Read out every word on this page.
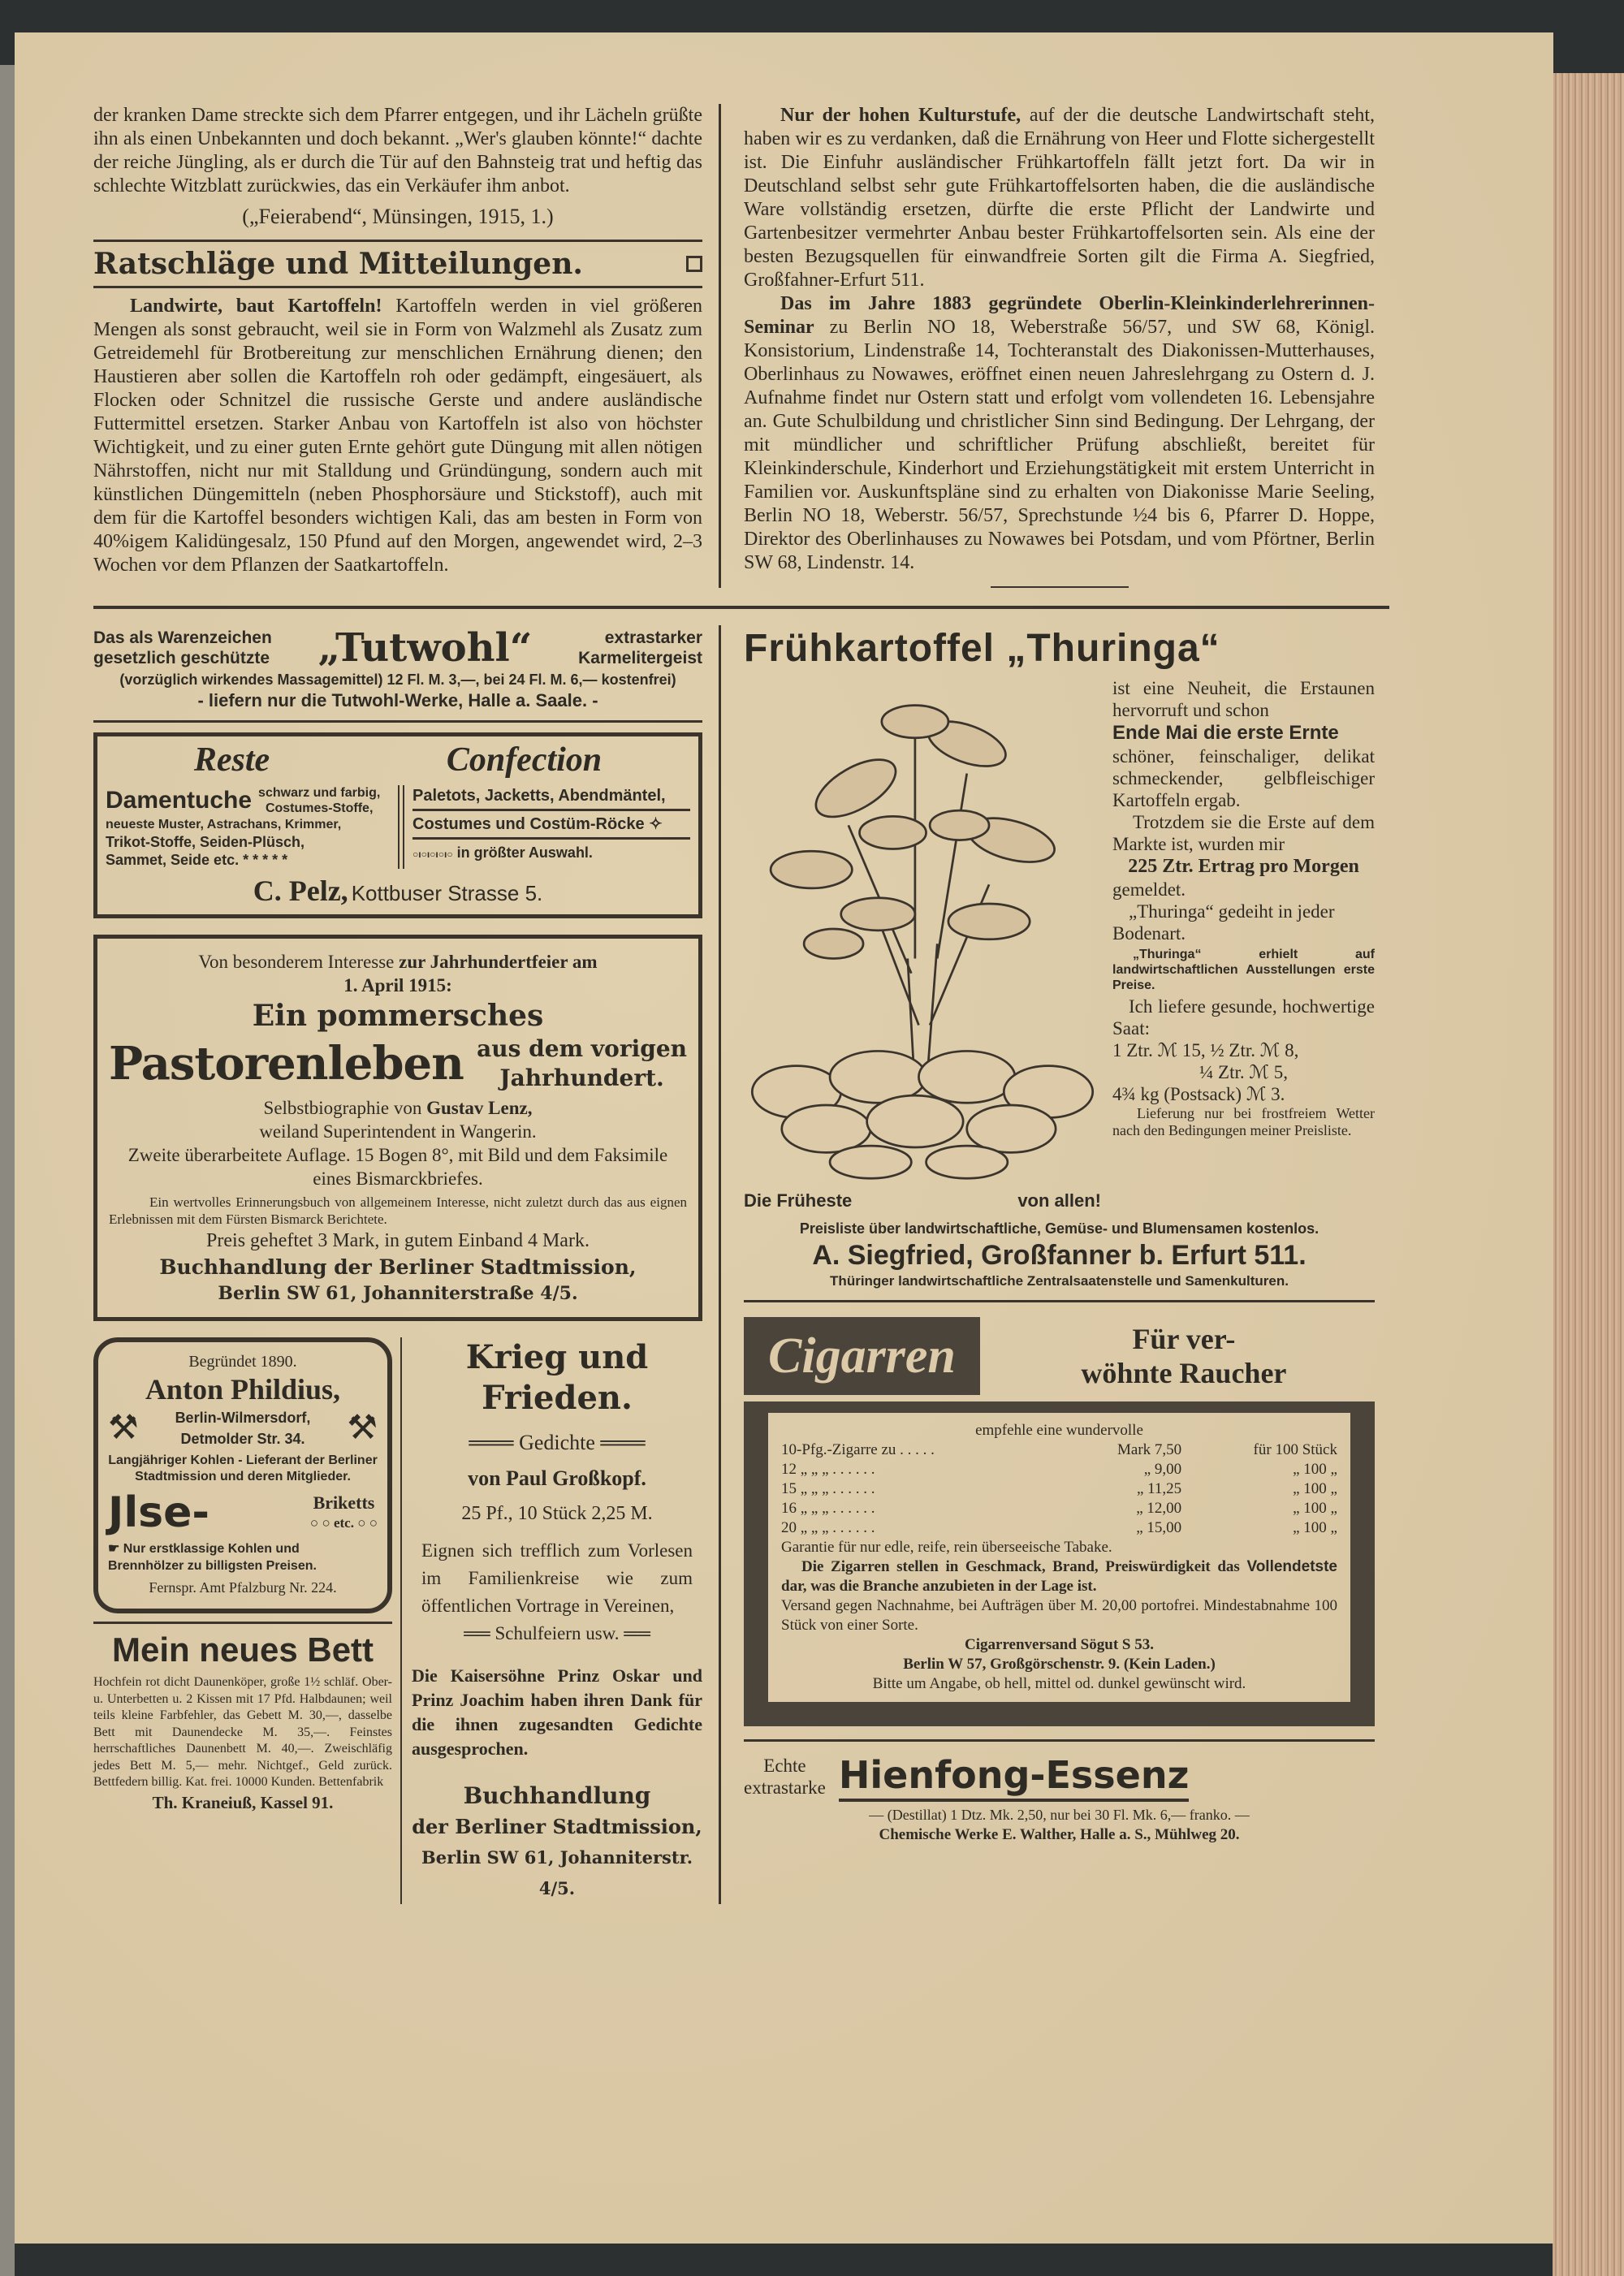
der kranken Dame streckte sich dem Pfarrer entgegen, und ihr Lächeln grüßte ihn als einen Unbekannten und doch bekannt. „Wer's glauben könnte!“ dachte der reiche Jüngling, als er durch die Tür auf den Bahnsteig trat und heftig das schlechte Witzblatt zurückwies, das ein Verkäufer ihm anbot.

(„Feierabend“, Münsingen, 1915, 1.)

Ratschläge und Mitteilungen.

Landwirte, baut Kartoffeln! Kartoffeln werden in viel größeren Mengen als sonst gebraucht, weil sie in Form von Walzmehl als Zusatz zum Getreidemehl für Brotbereitung zur menschlichen Ernährung dienen; den Haustieren aber sollen die Kartoffeln roh oder gedämpft, eingesäuert, als Flocken oder Schnitzel die russische Gerste und andere ausländische Futtermittel ersetzen. Starker Anbau von Kartoffeln ist also von höchster Wichtigkeit, und zu einer guten Ernte gehört gute Düngung mit allen nötigen Nährstoffen, nicht nur mit Stalldung und Gründüngung, sondern auch mit künstlichen Düngemitteln (neben Phosphorsäure und Stickstoff), auch mit dem für die Kartoffel besonders wichtigen Kali, das am besten in Form von 40%igem Kalidüngesalz, 150 Pfund auf den Morgen, angewendet wird, 2–3 Wochen vor dem Pflanzen der Saatkartoffeln.

Nur der hohen Kulturstufe, auf der die deutsche Landwirtschaft steht, haben wir es zu verdanken, daß die Ernährung von Heer und Flotte sichergestellt ist. Die Einfuhr ausländischer Frühkartoffeln fällt jetzt fort. Da wir in Deutschland selbst sehr gute Frühkartoffelsorten haben, die die ausländische Ware vollständig ersetzen, dürfte die erste Pflicht der Landwirte und Gartenbesitzer vermehrter Anbau bester Frühkartoffelsorten sein. Als eine der besten Bezugsquellen für einwandfreie Sorten gilt die Firma A. Siegfried, Großfahner-Erfurt 511.

Das im Jahre 1883 gegründete Oberlin-Kleinkinderlehrerinnen-Seminar zu Berlin NO 18, Weberstraße 56/57, und SW 68, Königl. Konsistorium, Lindenstraße 14, Tochteranstalt des Diakonissen-Mutterhauses, Oberlinhaus zu Nowawes, eröffnet einen neuen Jahreslehrgang zu Ostern d. J. Aufnahme findet nur Ostern statt und erfolgt vom vollendeten 16. Lebensjahre an. Gute Schulbildung und christlicher Sinn sind Bedingung. Der Lehrgang, der mit mündlicher und schriftlicher Prüfung abschließt, bereitet für Kleinkinderschule, Kinderhort und Erziehungstätigkeit mit erstem Unterricht in Familien vor. Auskunftspläne sind zu erhalten von Diakonisse Marie Seeling, Berlin NO 18, Weberstr. 56/57, Sprechstunde ½4 bis 6, Pfarrer D. Hoppe, Direktor des Oberlinhauses zu Nowawes bei Potsdam, und vom Pförtner, Berlin SW 68, Lindenstr. 14.

Das als Warenzeichen
gesetzlich geschützte „Tutwohl“	extrastarker
Karmelitergeist
(vorzüglich wirkendes Massagemittel) 12 Fl. M. 3,—, bei 24 Fl. M. 6,— kostenfrei)
- liefern nur die Tutwohl-Werke, Halle a. Saale. -
Reste	Confection
Damentuche schwarz und farbig,
Costumes-Stoffe,
neueste Muster, Astrachans, Krimmer,
Trikot-Stoffe, Seiden-Plüsch,
Sammet, Seide etc. * * * * *
Paletots, Jacketts, Abendmäntel,
Costumes und Costüm-Röcke ✧
○ı○ı○ı○ı○ in größter Auswahl.
C. Pelz, Kottbuser Strasse 5.
Von besonderem Interesse zur Jahrhundertfeier am
1. April 1915:
Ein pommersches
Pastorenleben aus dem vorigen
Jahrhundert.
Selbstbiographie von Gustav Lenz,
weiland Superintendent in Wangerin.
Zweite überarbeitete Auflage. 15 Bogen 8°, mit Bild und dem Faksimile eines Bismarckbriefes.
Ein wertvolles Erinnerungsbuch von allgemeinem Interesse, nicht zuletzt durch das aus eignen Erlebnissen mit dem Fürsten Bismarck Berichtete.
Preis geheftet 3 Mark, in gutem Einband 4 Mark.
Buchhandlung der Berliner Stadtmission,
Berlin SW 61, Johanniterstraße 4/5.
Begründet 1890.
Anton Phildius,
⚒ Berlin-Wilmersdorf,
Detmolder Str. 34. ⚒
Langjähriger Kohlen - Lieferant der Berliner Stadtmission und deren Mitglieder.
Jlse-	Briketts
○ ○ etc. ○ ○
☛ Nur erstklassige Kohlen und Brennhölzer zu billigsten Preisen.
Fernspr. Amt Pfalzburg Nr. 224.
Mein neues Bett

Hochfein rot dicht Daunenköper, große 1½ schläf. Ober- u. Unterbetten u. 2 Kissen mit 17 Pfd. Halbdaunen; weil teils kleine Farbfehler, das Gebett M. 30,—, dasselbe Bett mit Daunendecke M. 35,—. Feinstes herrschaftliches Daunenbett M. 40,—. Zweischläfig jedes Bett M. 5,— mehr. Nichtgef., Geld zurück. Bettfedern billig. Kat. frei. 10000 Kunden. Bettenfabrik

Th. Kraneiuß, Kassel 91.
Krieg und Frieden.
═══ Gedichte ═══
von Paul Großkopf.
25 Pf., 10 Stück 2,25 M.

Eignen sich trefflich zum Vorlesen im Familienkreise wie zum öffentlichen Vortrage in Vereinen,

══ Schulfeiern usw. ══

Die Kaisersöhne Prinz Oskar und Prinz Joachim haben ihren Dank für die ihnen zugesandten Gedichte ausgesprochen.

Buchhandlung
der Berliner Stadtmission,
Berlin SW 61, Johanniterstr. 4/5.
Frühkartoffel „Thuringa“
Die Früheste	von allen!

ist eine Neuheit, die Erstaunen hervorruft und schon

Ende Mai die erste Ernte

schöner, feinschaliger, delikat schmeckender, gelbfleischiger Kartoffeln ergab.

Trotzdem sie die Erste auf dem Markte ist, wurden mir

225 Ztr. Ertrag pro Morgen

gemeldet.

„Thuringa“ gedeiht in jeder Bodenart.

„Thuringa“ erhielt auf landwirtschaftlichen Ausstellungen erste Preise.

Ich liefere gesunde, hochwertige Saat:

1 Ztr. ℳ 15, ½ Ztr. ℳ 8,

¼ Ztr. ℳ 5,

4¾ kg (Postsack) ℳ 3.

Lieferung nur bei frostfreiem Wetter nach den Bedingungen meiner Preisliste.

Preisliste über landwirtschaftliche, Gemüse- und Blumensamen kostenlos.
A. Siegfried, Großfanner b. Erfurt 511.
Thüringer landwirtschaftliche Zentralsaatenstelle und Samenkulturen.
Cigarren	Für ver-
wöhnte Raucher
empfehle eine wundervolle
10-Pfg.-Zigarre zu . . . . .	Mark 7,50	für 100 Stück
12 „ „ „ . . . . . .	„ 9,00	„ 100 „
15 „ „ „ . . . . . .	„ 11,25	„ 100 „
16 „ „ „ . . . . . .	„ 12,00	„ 100 „
20 „ „ „ . . . . . .	„ 15,00	„ 100 „
Garantie für nur edle, reife, rein überseeische Tabake.
Die Zigarren stellen in Geschmack, Brand, Preiswürdigkeit das Vollendetste dar, was die Branche anzubieten in der Lage ist.
Versand gegen Nachnahme, bei Aufträgen über M. 20,00 portofrei. Mindestabnahme 100 Stück von einer Sorte.
Cigarrenversand Sögut S 53.
Berlin W 57, Großgörschenstr. 9. (Kein Laden.)
Bitte um Angabe, ob hell, mittel od. dunkel gewünscht wird.
Echte
extrastarke Hienfong-Essenz
— (Destillat) 1 Dtz. Mk. 2,50, nur bei 30 Fl. Mk. 6,— franko. —
Chemische Werke E. Walther, Halle a. S., Mühlweg 20.
